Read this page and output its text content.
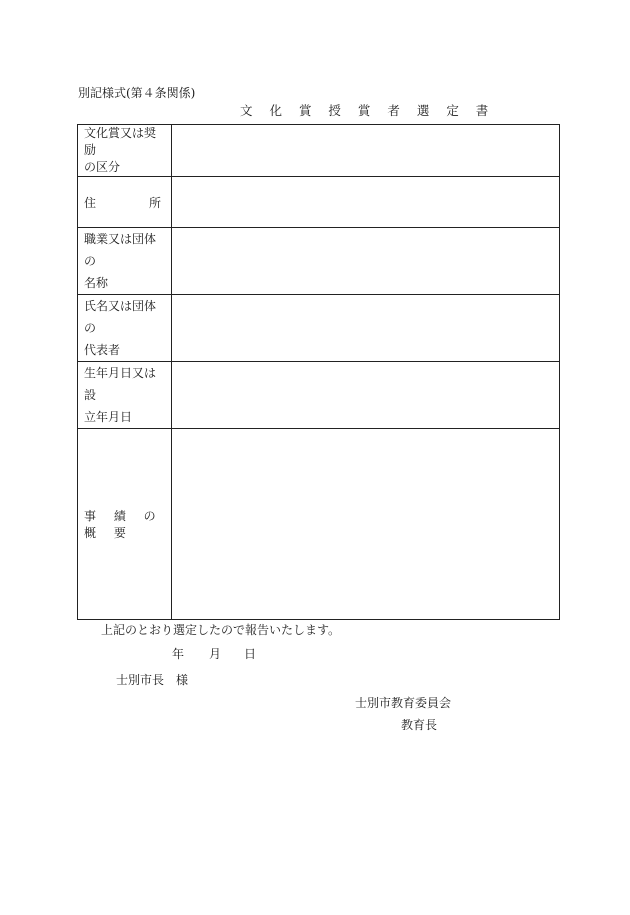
別記様式(第４条関係)
文 化 賞 授 賞 者 選 定 書
文化賞又は奨励
の区分	

住 所	

職業又は団体の
名称	

氏名又は団体の
代表者	

生年月日又は設
立年月日	

事 績 の 概 要	
上記のとおり選定したので報告いたします。
年 月 日
士別市長　様
士別市教育委員会
教育長
